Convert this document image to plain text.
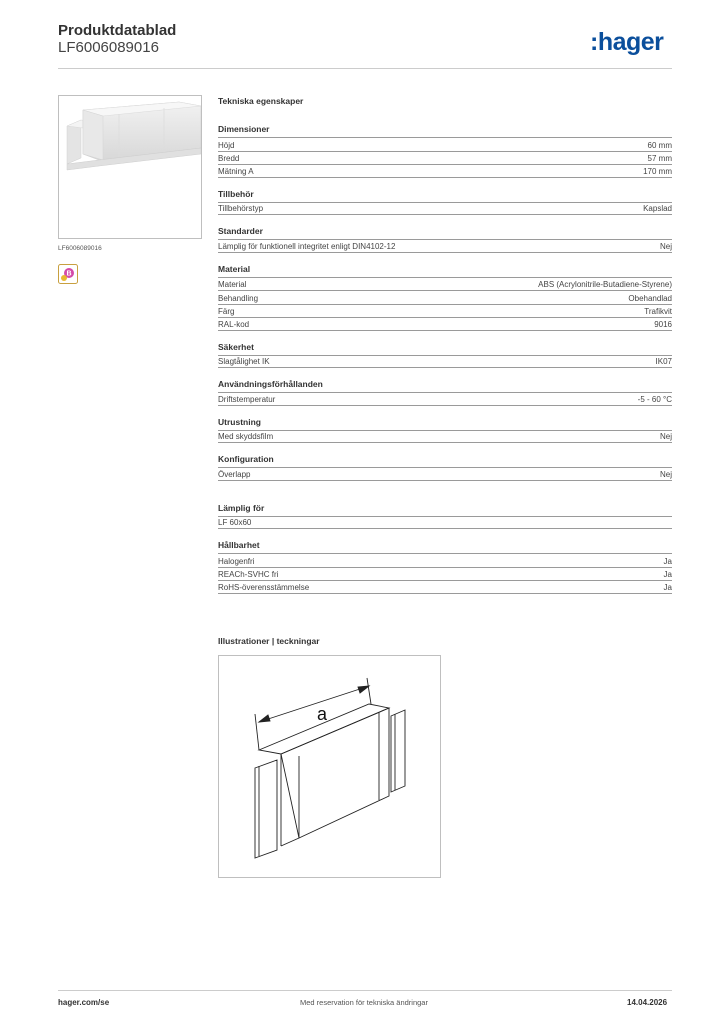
Produktdatablad
LF6006089016	:hager
LF6006089016
B
Tekniska egenskaper
Dimensioner
Höjd	60 mm
Bredd	57 mm
Mätning A	170 mm
Tillbehör
Tillbehörstyp	Kapslad
Standarder
Lämplig för funktionell integritet enligt DIN4102-12	Nej
Material
Material	ABS (Acrylonitrile-Butadiene-Styrene)
Behandling	Obehandlad
Färg	Trafikvit
RAL-kod	9016
Säkerhet
Slagtålighet IK	IK07
Användningsförhållanden
Driftstemperatur	-5 - 60 °C
Utrustning
Med skyddsfilm	Nej
Konfiguration
Överlapp	Nej
Lämplig för
LF 60x60
Hållbarhet
Halogenfri	Ja
REACh-SVHC fri	Ja
RoHS-överensstämmelse	Ja
Illustrationer | teckningar
a
hager.com/se	Med reservation för tekniska ändringar	14.04.2026
